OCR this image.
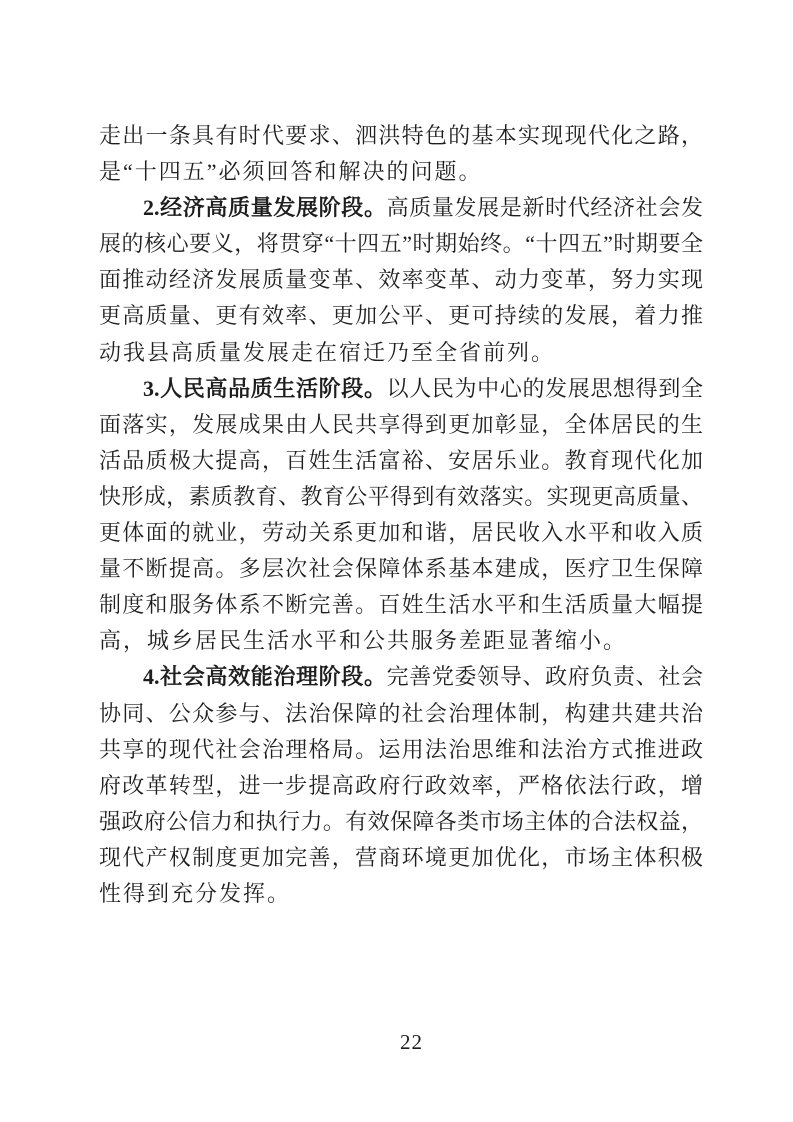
走出一条具有时代要求、泗洪特色的基本实现现代化之路，
是“十四五”必须回答和解决的问题。
2.经济高质量发展阶段。高质量发展是新时代经济社会发
展的核心要义，将贯穿“十四五”时期始终。“十四五”时期要全
面推动经济发展质量变革、效率变革、动力变革，努力实现
更高质量、更有效率、更加公平、更可持续的发展，着力推
动我县高质量发展走在宿迁乃至全省前列。
3.人民高品质生活阶段。以人民为中心的发展思想得到全
面落实，发展成果由人民共享得到更加彰显，全体居民的生
活品质极大提高，百姓生活富裕、安居乐业。教育现代化加
快形成，素质教育、教育公平得到有效落实。实现更高质量、
更体面的就业，劳动关系更加和谐，居民收入水平和收入质
量不断提高。多层次社会保障体系基本建成，医疗卫生保障
制度和服务体系不断完善。百姓生活水平和生活质量大幅提
高，城乡居民生活水平和公共服务差距显著缩小。
4.社会高效能治理阶段。完善党委领导、政府负责、社会
协同、公众参与、法治保障的社会治理体制，构建共建共治
共享的现代社会治理格局。运用法治思维和法治方式推进政
府改革转型，进一步提高政府行政效率，严格依法行政，增
强政府公信力和执行力。有效保障各类市场主体的合法权益，
现代产权制度更加完善，营商环境更加优化，市场主体积极
性得到充分发挥。
22
